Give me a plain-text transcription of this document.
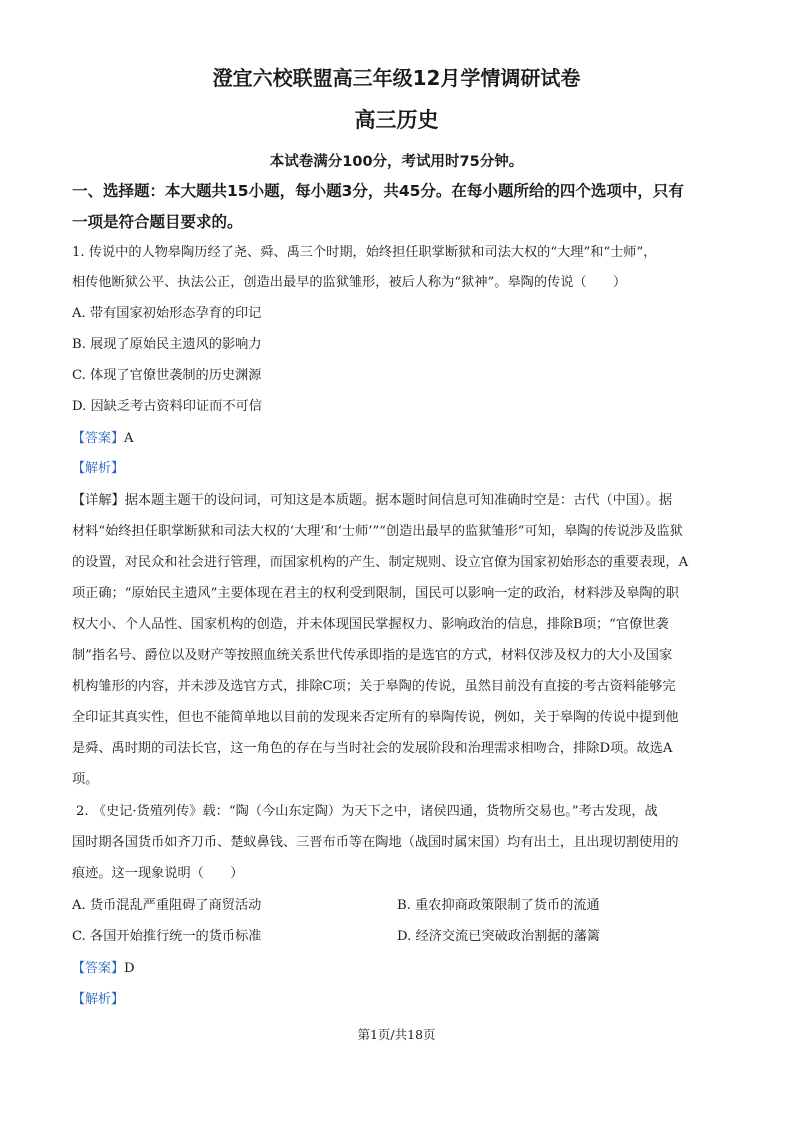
澄宜六校联盟高三年级12月学情调研试卷
高三历史
本试卷满分100分，考试用时75分钟。
一、选择题：本大题共15小题，每小题3分，共45分。在每小题所给的四个选项中，只有
一项是符合题目要求的。
1. 传说中的人物皋陶历经了尧、舜、禹三个时期，始终担任职掌断狱和司法大权的“大理”和“士师”，
相传他断狱公平、执法公正，创造出最早的监狱雏形，被后人称为“狱神”。皋陶的传说（　　）
A. 带有国家初始形态孕育的印记
B. 展现了原始民主遗风的影响力
C. 体现了官僚世袭制的历史渊源
D. 因缺乏考古资料印证而不可信
【答案】A
【解析】
【详解】据本题主题干的设问词，可知这是本质题。据本题时间信息可知准确时空是：古代（中国）。据
材料“始终担任职掌断狱和司法大权的‘大理’和‘士师’”“创造出最早的监狱雏形”可知，皋陶的传说涉及监狱
的设置，对民众和社会进行管理，而国家机构的产生、制定规则、设立官僚为国家初始形态的重要表现，A
项正确；“原始民主遗风”主要体现在君主的权利受到限制，国民可以影响一定的政治，材料涉及皋陶的职
权大小、个人品性、国家机构的创造，并未体现国民掌握权力、影响政治的信息，排除B项；“官僚世袭
制”指名号、爵位以及财产等按照血统关系世代传承即指的是选官的方式，材料仅涉及权力的大小及国家
机构雏形的内容，并未涉及选官方式，排除C项；关于皋陶的传说，虽然目前没有直接的考古资料能够完
全印证其真实性，但也不能简单地以目前的发现来否定所有的皋陶传说，例如，关于皋陶的传说中提到他
是舜、禹时期的司法长官，这一角色的存在与当时社会的发展阶段和治理需求相吻合，排除D项。故选A
项。
2. 《史记·货殖列传》载：“陶（今山东定陶）为天下之中，诸侯四通，货物所交易也。”考古发现，战
国时期各国货币如齐刀币、楚蚁鼻钱、三晋布币等在陶地（战国时属宋国）均有出土，且出现切割使用的
痕迹。这一现象说明（　　）
A. 货币混乱严重阻碍了商贸活动	B. 重农抑商政策限制了货币的流通
C. 各国开始推行统一的货币标准	D. 经济交流已突破政治割据的藩篱
【答案】D
【解析】
第1页/共18页
